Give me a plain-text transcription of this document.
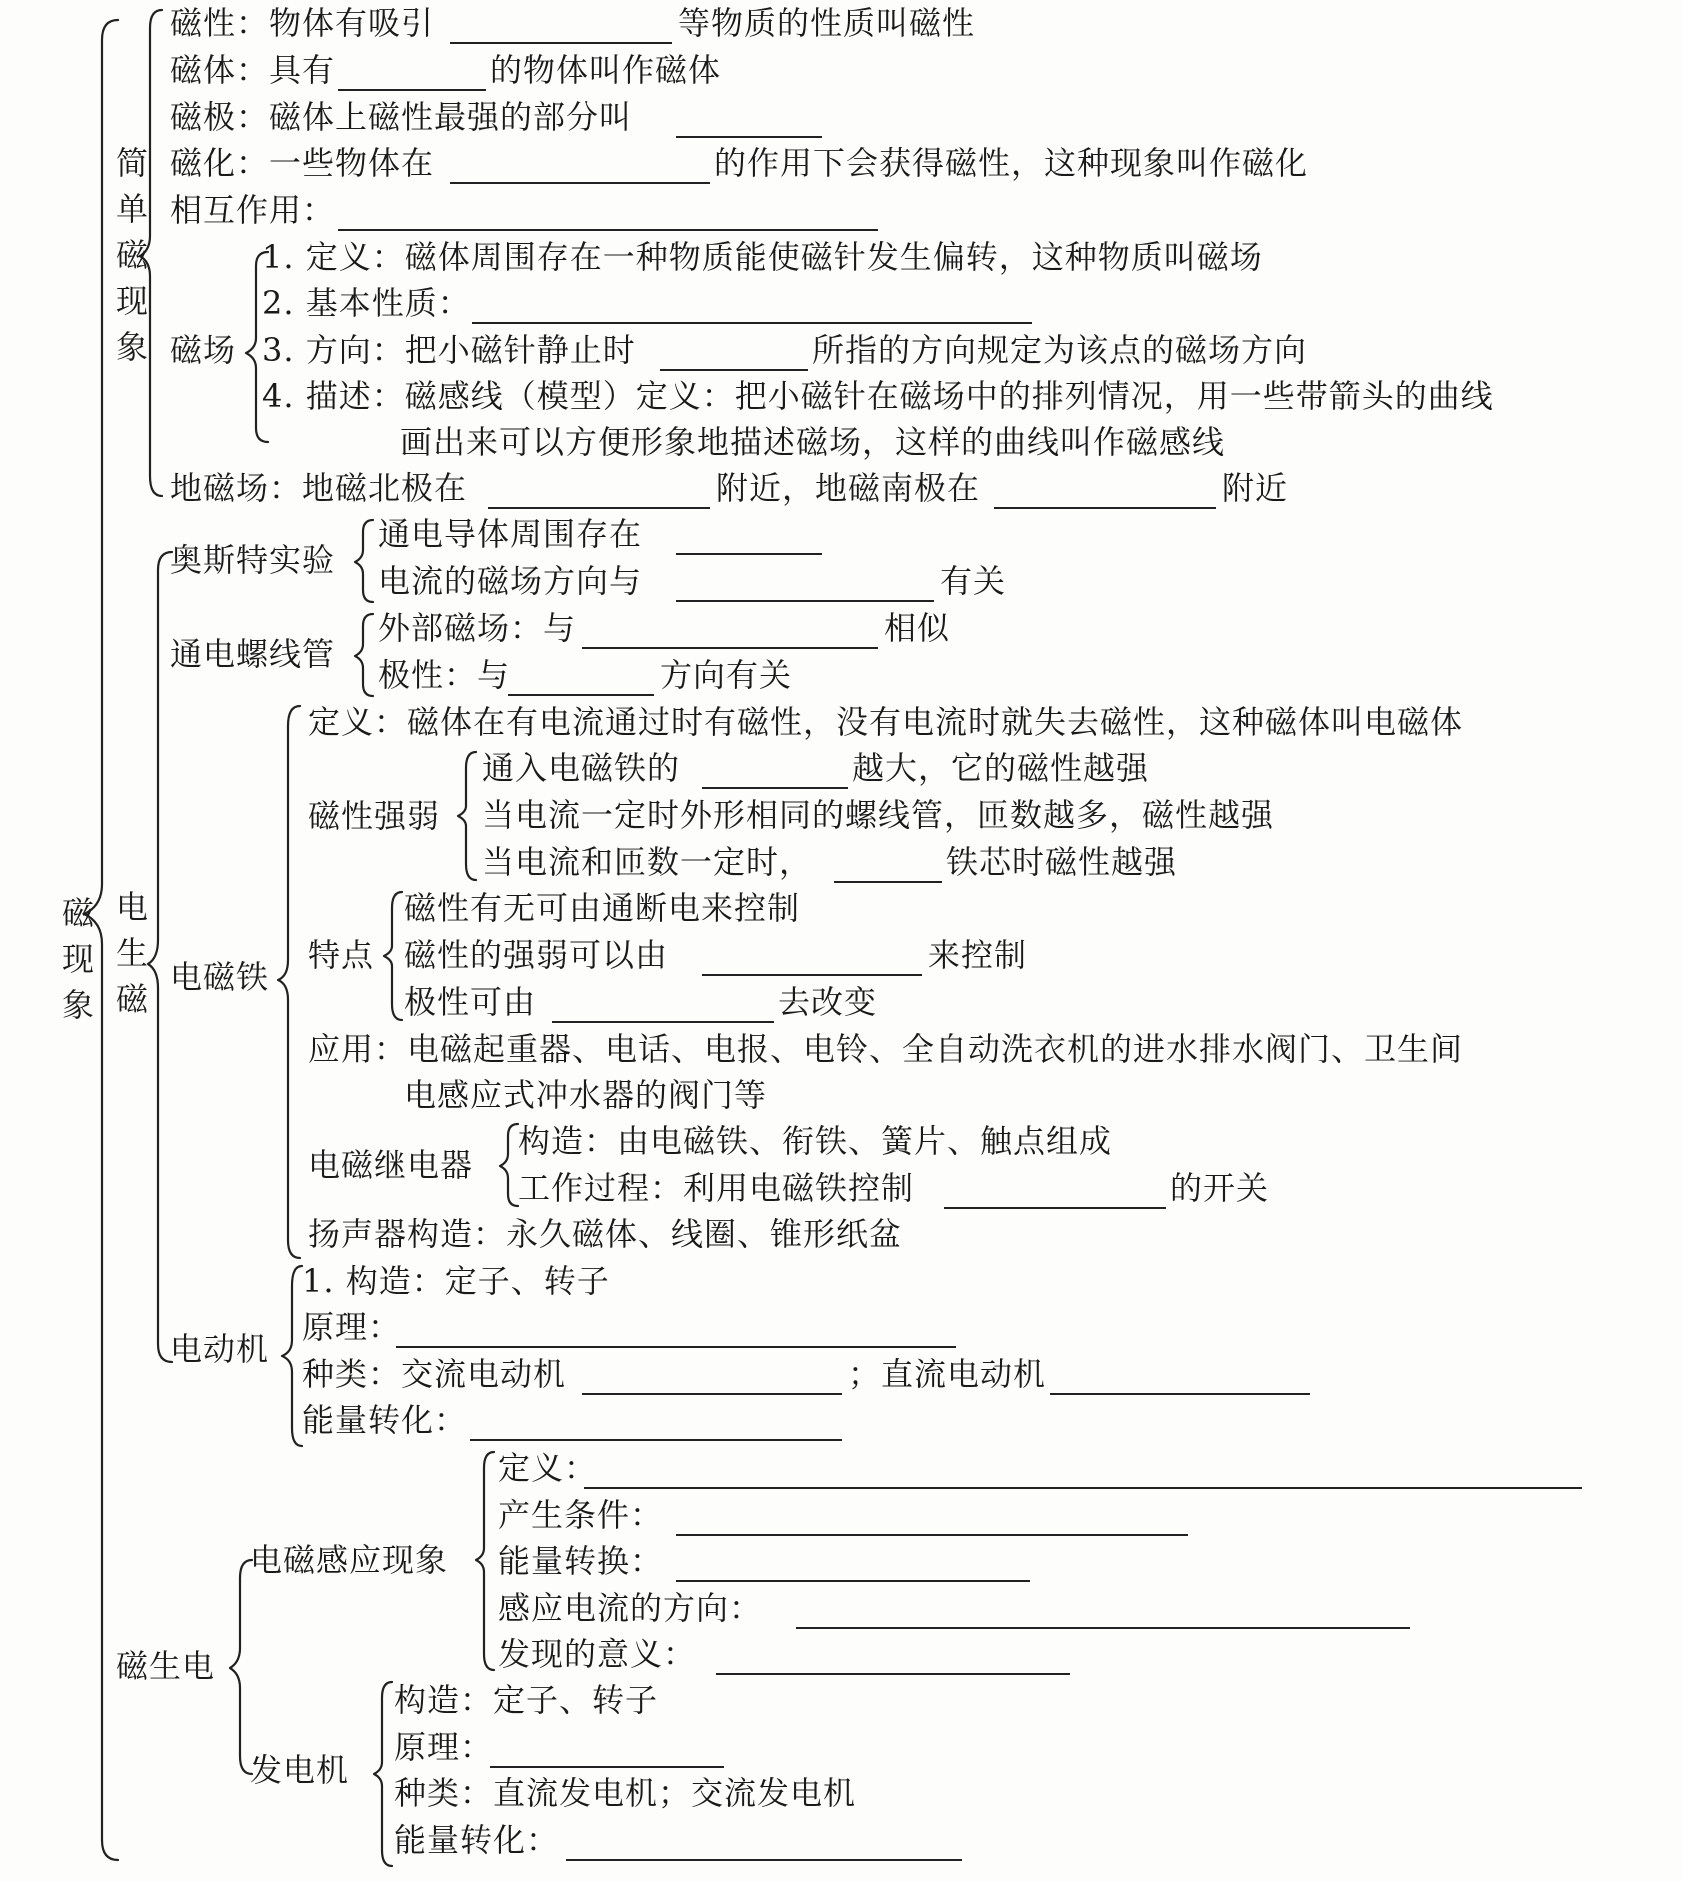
磁
现
象
简
单
磁
现
象
电
生
磁
磁生电
磁性：物体有吸引	等物质的性质叫磁性
磁体：具有	的物体叫作磁体
磁极：磁体上磁性最强的部分叫
磁化：一些物体在	的作用下会获得磁性，这种现象叫作磁化
相互作用：
磁场
1. 定义：磁体周围存在一种物质能使磁针发生偏转，这种物质叫磁场
2. 基本性质：
3. 方向：把小磁针静止时	所指的方向规定为该点的磁场方向
4. 描述：磁感线（模型）定义：把小磁针在磁场中的排列情况，用一些带箭头的曲线
画出来可以方便形象地描述磁场，这样的曲线叫作磁感线
地磁场：地磁北极在	附近，地磁南极在	附近
奥斯特实验
通电导体周围存在
电流的磁场方向与	有关
通电螺线管
外部磁场：与	相似
极性：与	方向有关
电磁铁
定义：磁体在有电流通过时有磁性，没有电流时就失去磁性，这种磁体叫电磁体
磁性强弱
通入电磁铁的	越大，它的磁性越强
当电流一定时外形相同的螺线管，匝数越多，磁性越强
当电流和匝数一定时，	铁芯时磁性越强
特点
磁性有无可由通断电来控制
磁性的强弱可以由	来控制
极性可由	去改变
应用：电磁起重器、电话、电报、电铃、全自动洗衣机的进水排水阀门、卫生间
电感应式冲水器的阀门等
电磁继电器
构造：由电磁铁、衔铁、簧片、触点组成
工作过程：利用电磁铁控制	的开关
扬声器构造：永久磁体、线圈、锥形纸盆
电动机
1. 构造：定子、转子
原理：
种类：交流电动机	；直流电动机
能量转化：
电磁感应现象
定义：
产生条件：
能量转换：
感应电流的方向：
发现的意义：
发电机
构造：定子、转子
原理：
种类：直流发电机；交流发电机
能量转化：
